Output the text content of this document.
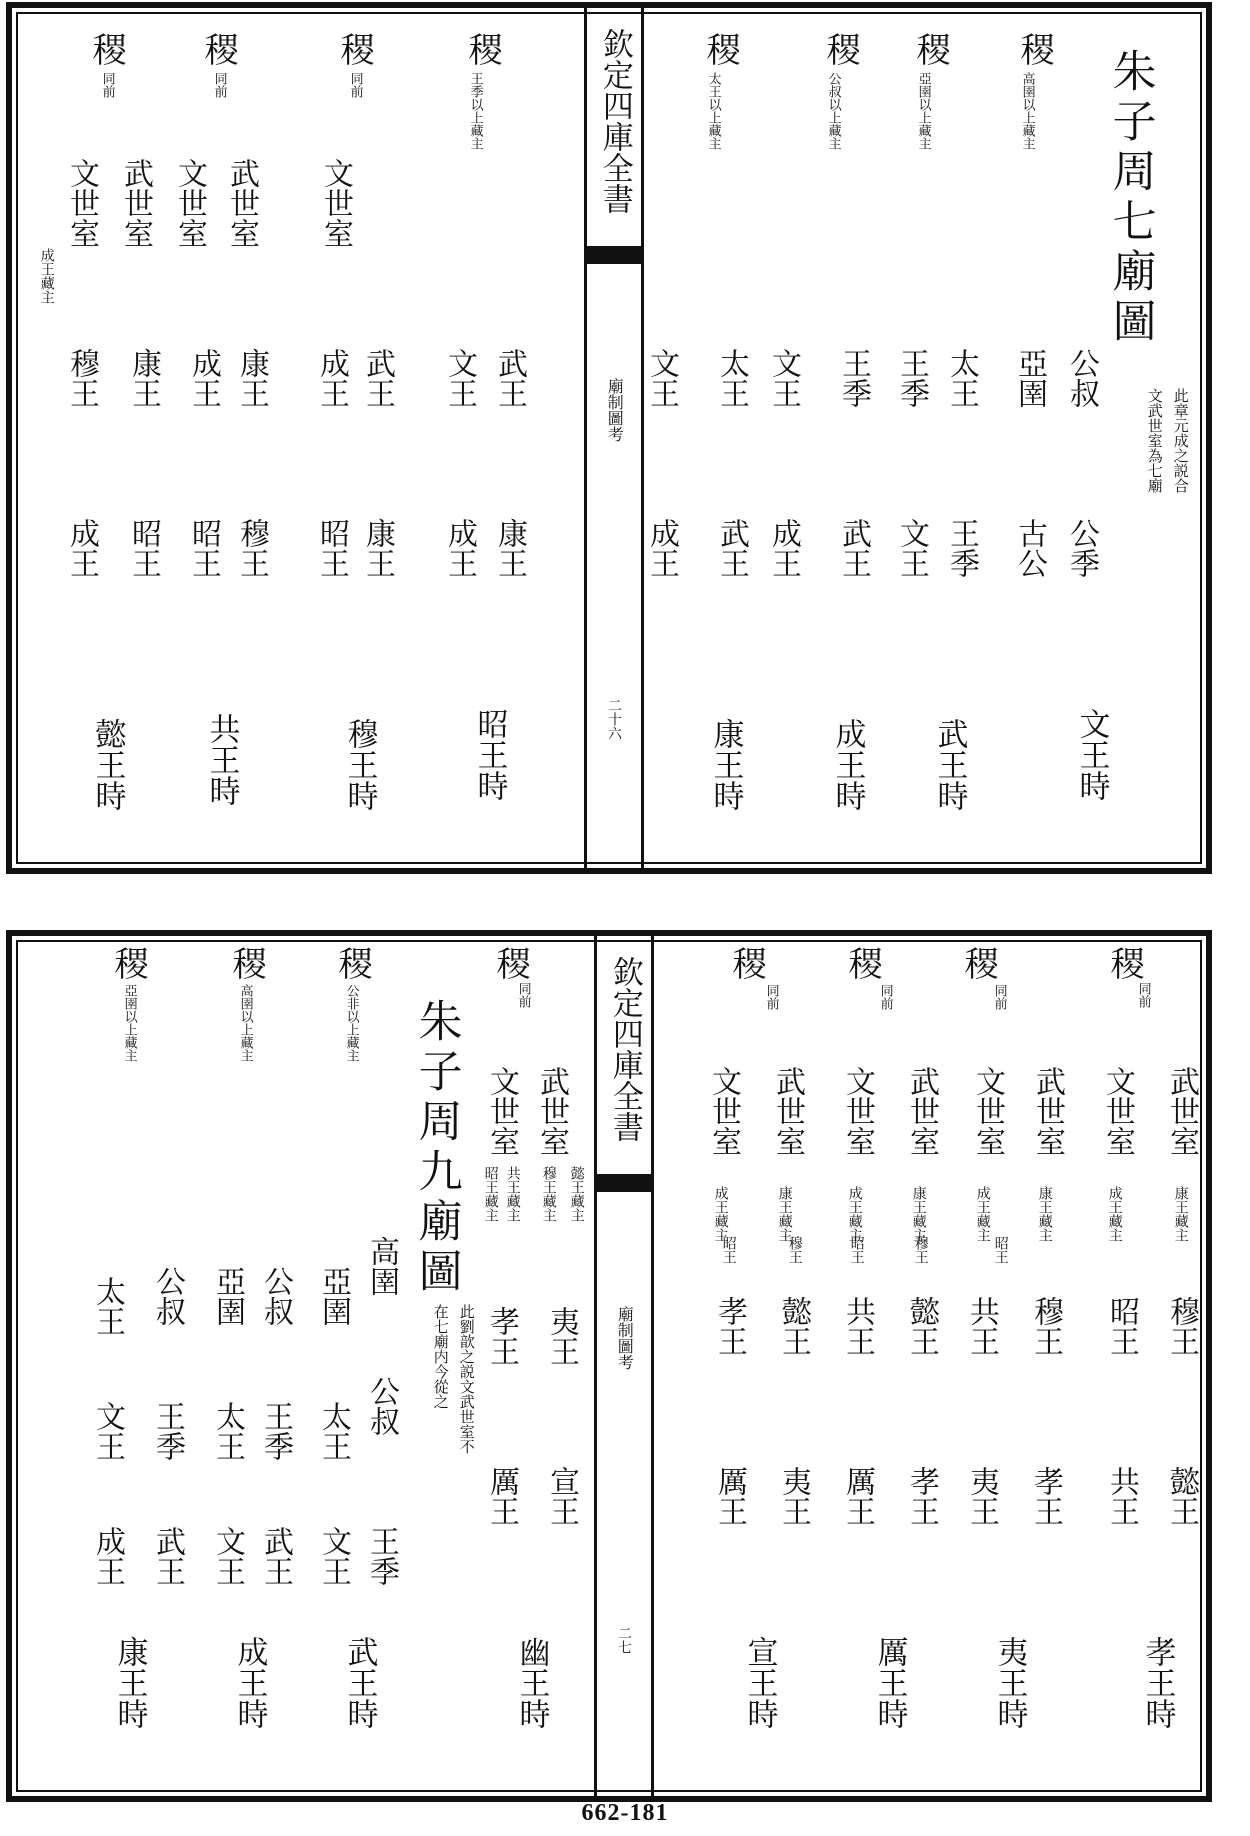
欽定四庫全書
廟制圖考
二十六
朱子周七廟圖
此章元成之説合
文武世室為七廟
稷
高圉以上藏主
稷
亞圉以上藏主
稷
公叔以上藏主
稷
太王以上藏主
公叔
亞圉
太王
王季
公季
古公
王季
文王
王季
文王
武王
成王
太王
文王
武王
成王
文王時
武王時
成王時
康王時
稷
王季以上藏主
稷
同前
稷
同前
稷
同前
文世室
武世室
文世室
武世室
文世室
成王藏主
武王
文王
康王
成王
武王
成王
康王
昭王
康王
成王
穆王
昭王
康王
穆王
昭王
成王
昭王時
穆王時
共王時
懿王時
欽定四庫全書
廟制圖考
二七
稷
同前
稷
同前
稷
同前
稷
同前
武世室
康王藏主
文世室
成王藏主
武世室
康王藏主
文世室
成王藏主
昭王
武世室
康王藏主
文世室
成王藏主
穆王
昭王
武世室
康王藏主
文世室
成王藏主
穆王
昭王
穆王
昭王
懿王
共王
穆王
共王
孝王
夷王
懿王
共王
孝王
厲王
懿王
孝王
夷王
厲王
孝王時
夷王時
厲王時
宣王時
稷
同前
武世室
懿王藏主
穆王藏主
文世室
共王藏主
昭王藏主
夷王
孝王
宣王
厲王
幽王時
朱子周九廟圖
此劉歆之説文武世室不
在七廟内今從之
稷
公非以上藏主
稷
高圉以上藏主
稷
亞圉以上藏主
高圉
亞圉
公叔
亞圉
公叔
太王
公叔
太王
王季
太王
王季
文王
王季
文王
武王
文王
武王
成王
武王時
成王時
康王時
662-181
